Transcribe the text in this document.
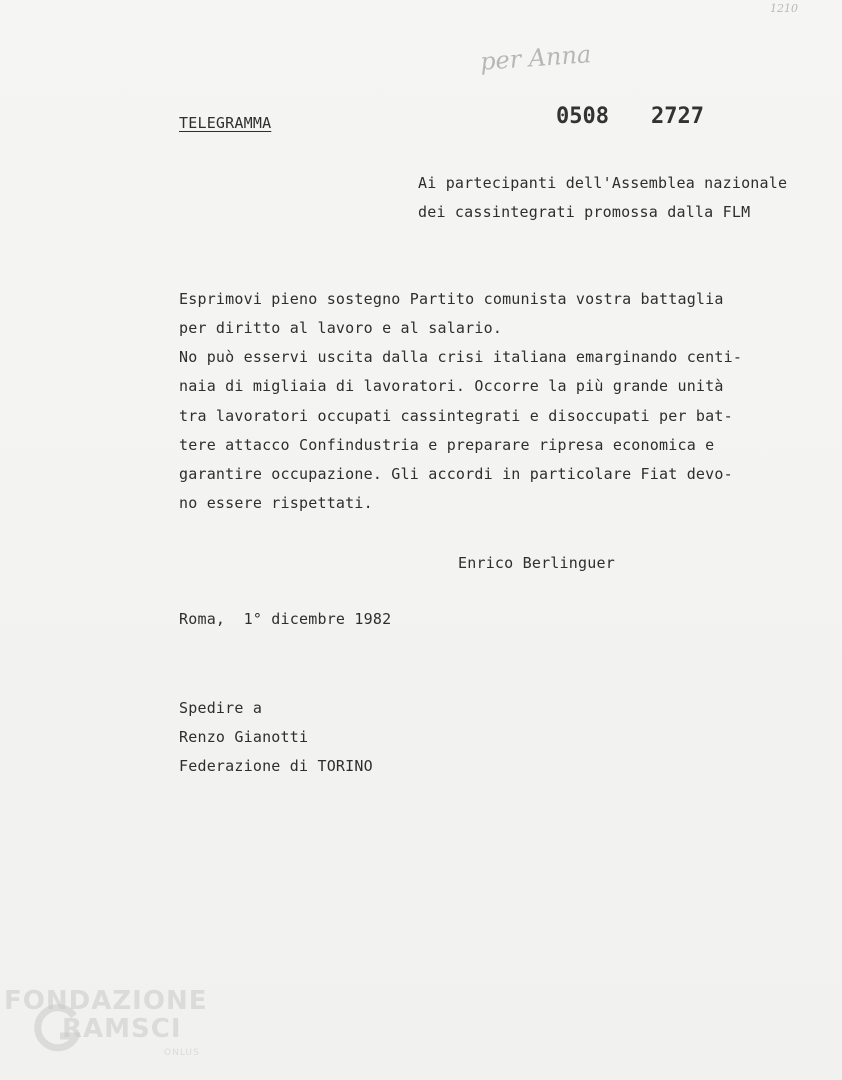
1210
per Anna
TELEGRAMMA	0508 2727
Ai partecipanti dell'Assemblea nazionale
dei cassintegrati promossa dalla FLM
Esprimovi pieno sostegno Partito comunista vostra battaglia
per diritto al lavoro e al salario.
No può esservi uscita dalla crisi italiana emarginando centi-
naia di migliaia di lavoratori. Occorre la più grande unità
tra lavoratori occupati cassintegrati e disoccupati per bat-
tere attacco Confindustria e preparare ripresa economica e
garantire occupazione. Gli accordi in particolare Fiat devo-
no essere rispettati.
Enrico Berlinguer
Roma,  1° dicembre 1982
Spedire a
Renzo Gianotti
Federazione di TORINO
FONDAZIONE
RAMSCI
ONLUS
